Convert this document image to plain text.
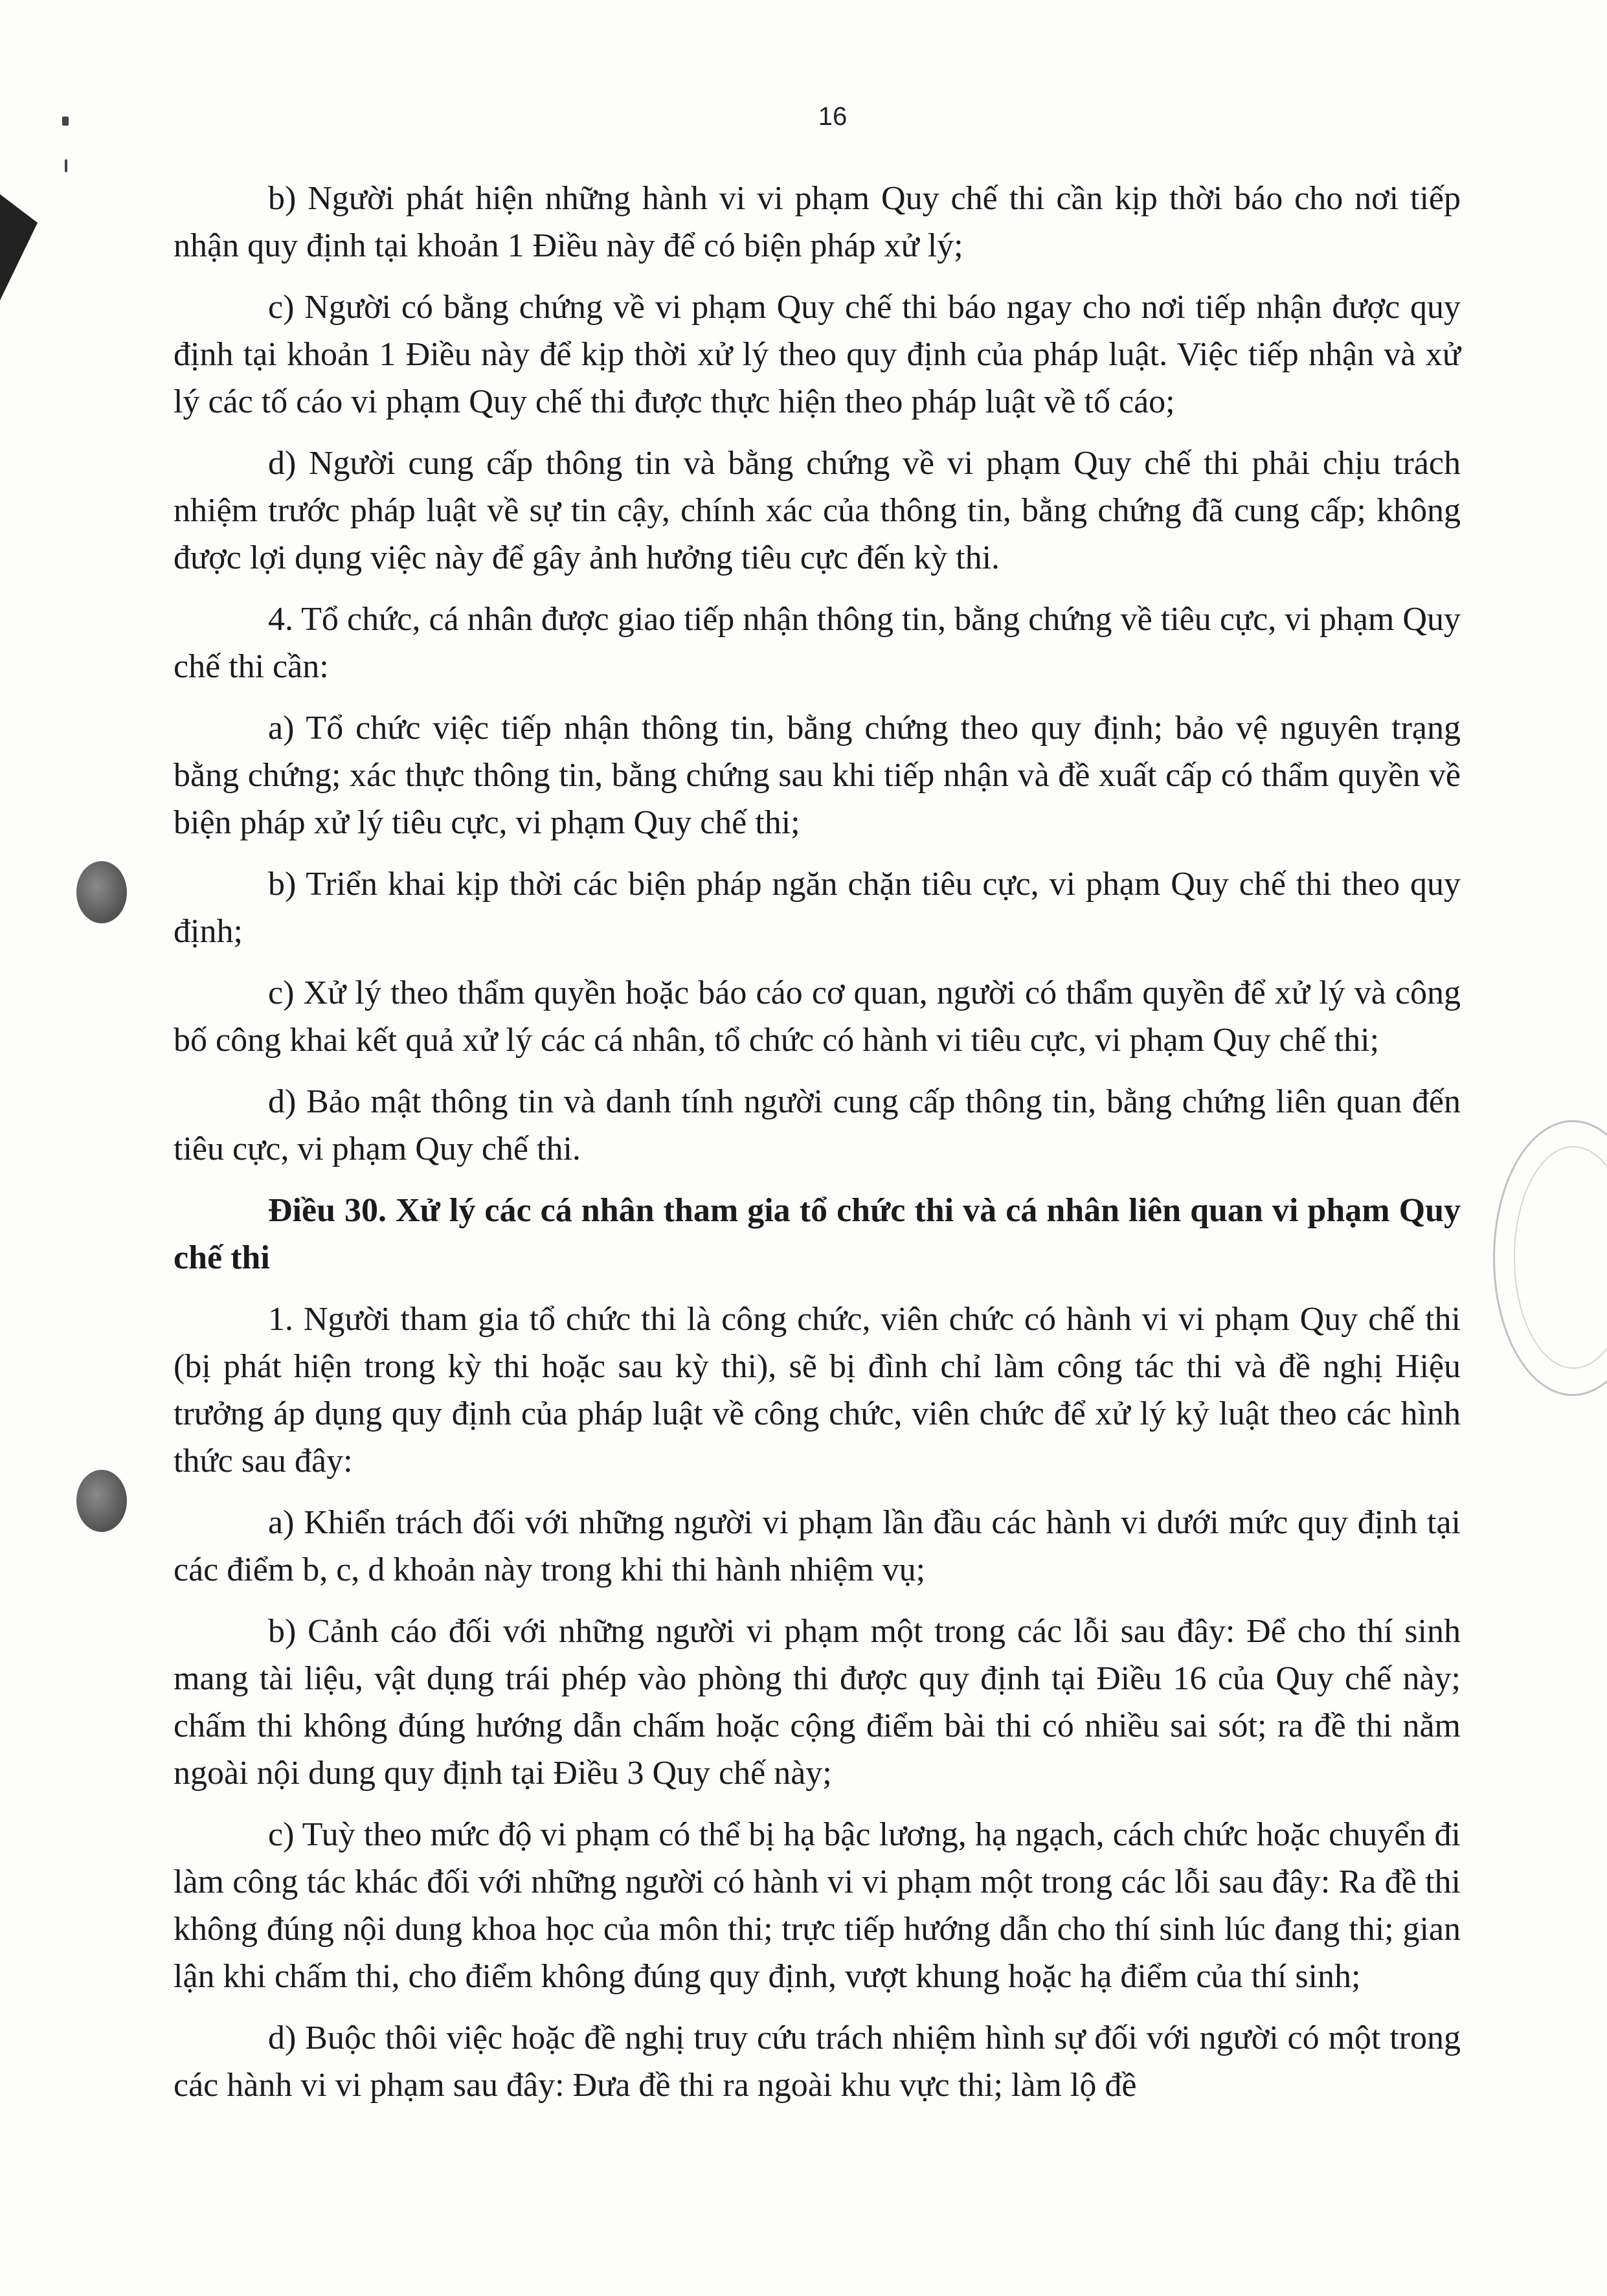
16

b) Người phát hiện những hành vi vi phạm Quy chế thi cần kịp thời báo cho nơi tiếp nhận quy định tại khoản 1 Điều này để có biện pháp xử lý;

c) Người có bằng chứng về vi phạm Quy chế thi báo ngay cho nơi tiếp nhận được quy định tại khoản 1 Điều này để kịp thời xử lý theo quy định của pháp luật. Việc tiếp nhận và xử lý các tố cáo vi phạm Quy chế thi được thực hiện theo pháp luật về tố cáo;

d) Người cung cấp thông tin và bằng chứng về vi phạm Quy chế thi phải chịu trách nhiệm trước pháp luật về sự tin cậy, chính xác của thông tin, bằng chứng đã cung cấp; không được lợi dụng việc này để gây ảnh hưởng tiêu cực đến kỳ thi.

4. Tổ chức, cá nhân được giao tiếp nhận thông tin, bằng chứng về tiêu cực, vi phạm Quy chế thi cần:

a) Tổ chức việc tiếp nhận thông tin, bằng chứng theo quy định; bảo vệ nguyên trạng bằng chứng; xác thực thông tin, bằng chứng sau khi tiếp nhận và đề xuất cấp có thẩm quyền về biện pháp xử lý tiêu cực, vi phạm Quy chế thi;

b) Triển khai kịp thời các biện pháp ngăn chặn tiêu cực, vi phạm Quy chế thi theo quy định;

c) Xử lý theo thẩm quyền hoặc báo cáo cơ quan, người có thẩm quyền để xử lý và công bố công khai kết quả xử lý các cá nhân, tổ chức có hành vi tiêu cực, vi phạm Quy chế thi;

d) Bảo mật thông tin và danh tính người cung cấp thông tin, bằng chứng liên quan đến tiêu cực, vi phạm Quy chế thi.

Điều 30. Xử lý các cá nhân tham gia tổ chức thi và cá nhân liên quan vi phạm Quy chế thi

1. Người tham gia tổ chức thi là công chức, viên chức có hành vi vi phạm Quy chế thi (bị phát hiện trong kỳ thi hoặc sau kỳ thi), sẽ bị đình chỉ làm công tác thi và đề nghị Hiệu trưởng áp dụng quy định của pháp luật về công chức, viên chức để xử lý kỷ luật theo các hình thức sau đây:

a) Khiển trách đối với những người vi phạm lần đầu các hành vi dưới mức quy định tại các điểm b, c, d khoản này trong khi thi hành nhiệm vụ;

b) Cảnh cáo đối với những người vi phạm một trong các lỗi sau đây: Để cho thí sinh mang tài liệu, vật dụng trái phép vào phòng thi được quy định tại Điều 16 của Quy chế này; chấm thi không đúng hướng dẫn chấm hoặc cộng điểm bài thi có nhiều sai sót; ra đề thi nằm ngoài nội dung quy định tại Điều 3 Quy chế này;

c) Tuỳ theo mức độ vi phạm có thể bị hạ bậc lương, hạ ngạch, cách chức hoặc chuyển đi làm công tác khác đối với những người có hành vi vi phạm một trong các lỗi sau đây: Ra đề thi không đúng nội dung khoa học của môn thi; trực tiếp hướng dẫn cho thí sinh lúc đang thi; gian lận khi chấm thi, cho điểm không đúng quy định, vượt khung hoặc hạ điểm của thí sinh;

d) Buộc thôi việc hoặc đề nghị truy cứu trách nhiệm hình sự đối với người có một trong các hành vi vi phạm sau đây: Đưa đề thi ra ngoài khu vực thi; làm lộ đề
